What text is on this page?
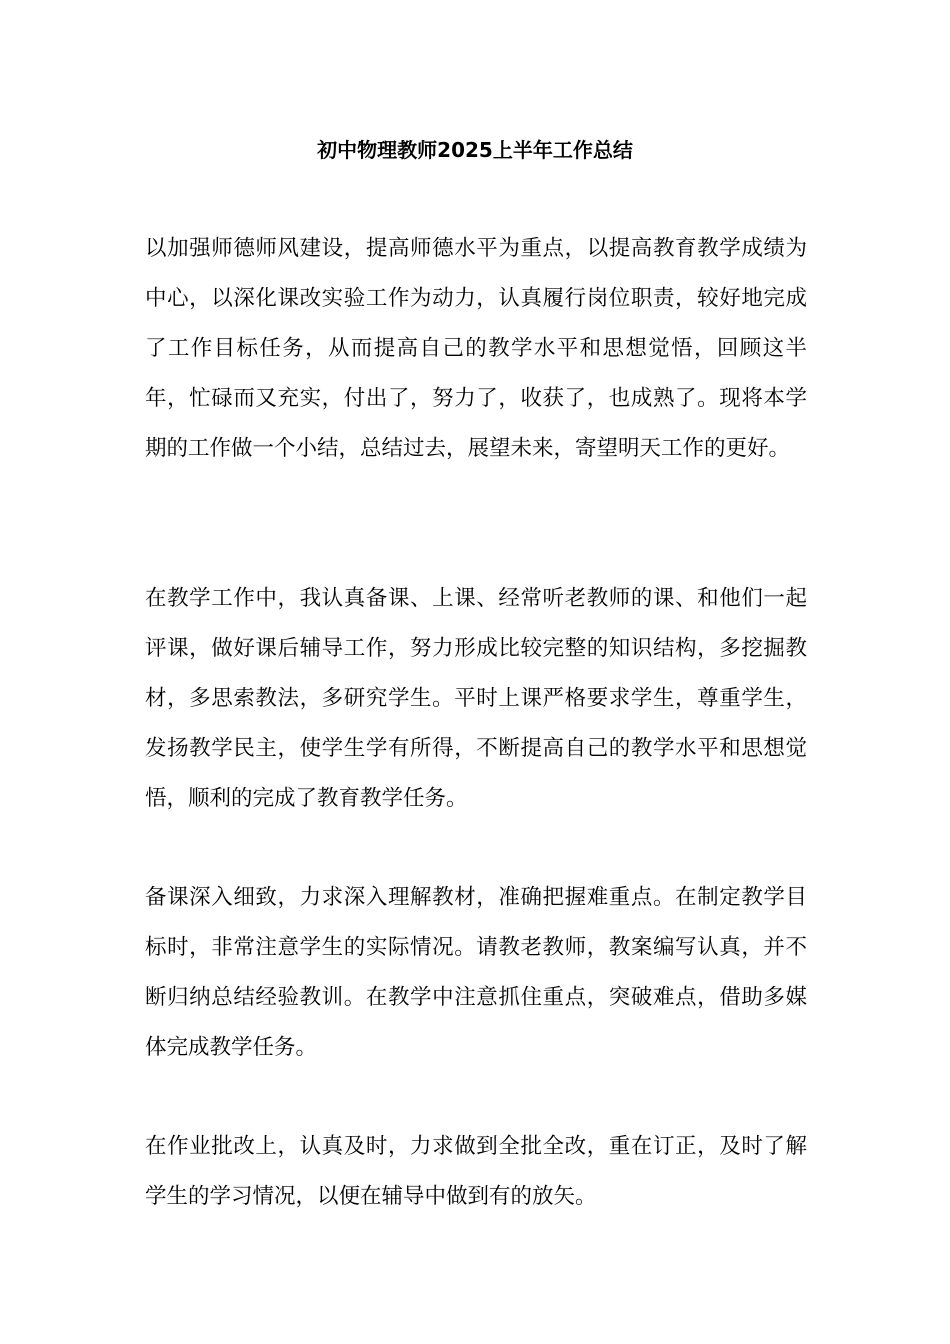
初中物理教师2025上半年工作总结

以加强师德师风建设，提高师德水平为重点，以提高教育教学成绩为中心，以深化课改实验工作为动力，认真履行岗位职责，较好地完成了工作目标任务，从而提高自己的教学水平和思想觉悟，回顾这半年，忙碌而又充实，付出了，努力了，收获了，也成熟了。现将本学期的工作做一个小结，总结过去，展望未来，寄望明天工作的更好。

在教学工作中，我认真备课、上课、经常听老教师的课、和他们一起评课，做好课后辅导工作，努力形成比较完整的知识结构，多挖掘教材，多思索教法，多研究学生。平时上课严格要求学生，尊重学生，发扬教学民主，使学生学有所得，不断提高自己的教学水平和思想觉悟，顺利的完成了教育教学任务。

备课深入细致，力求深入理解教材，准确把握难重点。在制定教学目标时，非常注意学生的实际情况。请教老教师，教案编写认真，并不断归纳总结经验教训。在教学中注意抓住重点，突破难点，借助多媒体完成教学任务。

在作业批改上，认真及时，力求做到全批全改，重在订正，及时了解学生的学习情况，以便在辅导中做到有的放矢。
